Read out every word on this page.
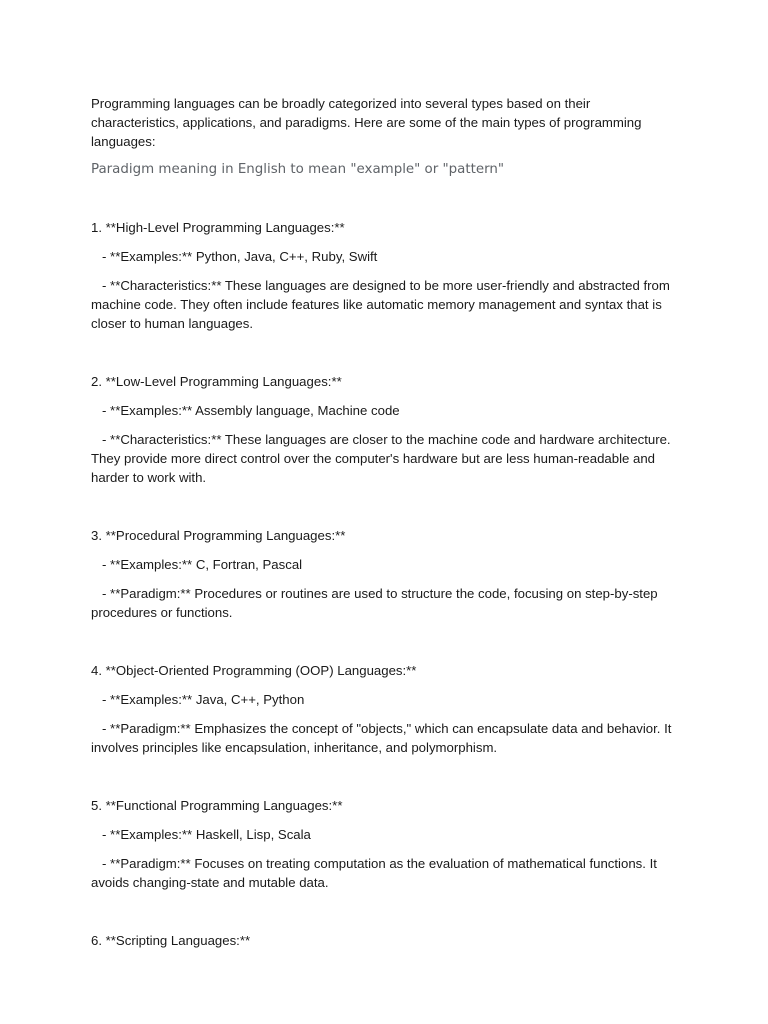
Programming languages can be broadly categorized into several types based on their characteristics, applications, and paradigms. Here are some of the main types of programming languages:

Paradigm meaning in English to mean "example" or "pattern"

1. **High-Level Programming Languages:**

- **Examples:** Python, Java, C++, Ruby, Swift

- **Characteristics:** These languages are designed to be more user-friendly and abstracted from machine code. They often include features like automatic memory management and syntax that is closer to human languages.

2. **Low-Level Programming Languages:**

- **Examples:** Assembly language, Machine code

- **Characteristics:** These languages are closer to the machine code and hardware architecture. They provide more direct control over the computer's hardware but are less human-readable and harder to work with.

3. **Procedural Programming Languages:**

- **Examples:** C, Fortran, Pascal

- **Paradigm:** Procedures or routines are used to structure the code, focusing on step-by-step procedures or functions.

4. **Object-Oriented Programming (OOP) Languages:**

- **Examples:** Java, C++, Python

- **Paradigm:** Emphasizes the concept of "objects," which can encapsulate data and behavior. It involves principles like encapsulation, inheritance, and polymorphism.

5. **Functional Programming Languages:**

- **Examples:** Haskell, Lisp, Scala

- **Paradigm:** Focuses on treating computation as the evaluation of mathematical functions. It avoids changing-state and mutable data.

6. **Scripting Languages:**
